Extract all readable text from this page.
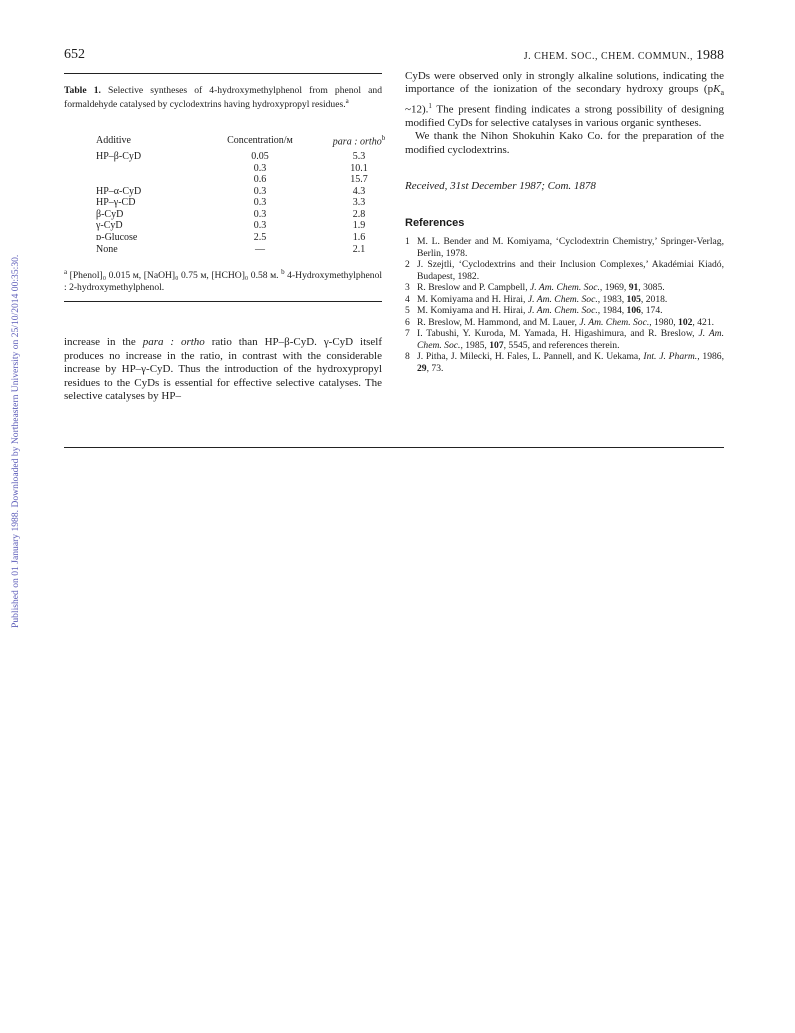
Published on 01 January 1988. Downloaded by Northeastern University on 25/10/2014 00:35:30.
652	J. CHEM. SOC., CHEM. COMMUN., 1988
Table 1. Selective syntheses of 4-hydroxymethylphenol from phenol and formaldehyde catalysed by cyclodextrins having hydroxypropyl residues.$^a$
Additive	Concentration/м	para : ortho$^b$
HP–β-CyD	0.05	5.3
	0.3	10.1
	0.6	15.7
HP–α-CyD	0.3	4.3
HP–γ-CD	0.3	3.3
β-CyD	0.3	2.8
γ-CyD	0.3	1.9
ᴅ-Glucose	2.5	1.6
None	—	2.1
$^a$ [Phenol]₀ 0.015 м, [NaOH]₀ 0.75 м, [HCHO]₀ 0.58 м. $^b$ 4-Hydroxymethylphenol : 2-hydroxymethylphenol.
increase in the para : ortho ratio than HP–β-CyD. γ-CyD itself produces no increase in the ratio, in contrast with the considerable increase by HP–γ-CyD. Thus the introduction of the hydroxypropyl residues to the CyDs is essential for effective selective catalyses. The selective catalyses by HP–

CyDs were observed only in strongly alkaline solutions, indicating the importance of the ionization of the secondary hydroxy groups ($pK_a$ ~12).$^1$ The present finding indicates a strong possibility of designing modified CyDs for selective catalyses in various organic syntheses.

We thank the Nihon Shokuhin Kako Co. for the preparation of the modified cyclodextrins.

Received, 31st December 1987; Com. 1878
References
1 M. L. Bender and M. Komiyama, ‘Cyclodextrin Chemistry,’ Springer-Verlag, Berlin, 1978.
2 J. Szejtli, ‘Cyclodextrins and their Inclusion Complexes,’ Akadémiai Kiadó, Budapest, 1982.
3 R. Breslow and P. Campbell, J. Am. Chem. Soc., 1969, 91, 3085.
4 M. Komiyama and H. Hirai, J. Am. Chem. Soc., 1983, 105, 2018.
5 M. Komiyama and H. Hirai, J. Am. Chem. Soc., 1984, 106, 174.
6 R. Breslow, M. Hammond, and M. Lauer, J. Am. Chem. Soc., 1980, 102, 421.
7 I. Tabushi, Y. Kuroda, M. Yamada, H. Higashimura, and R. Breslow, J. Am. Chem. Soc., 1985, 107, 5545, and references therein.
8 J. Pitha, J. Milecki, H. Fales, L. Pannell, and K. Uekama, Int. J. Pharm., 1986, 29, 73.
